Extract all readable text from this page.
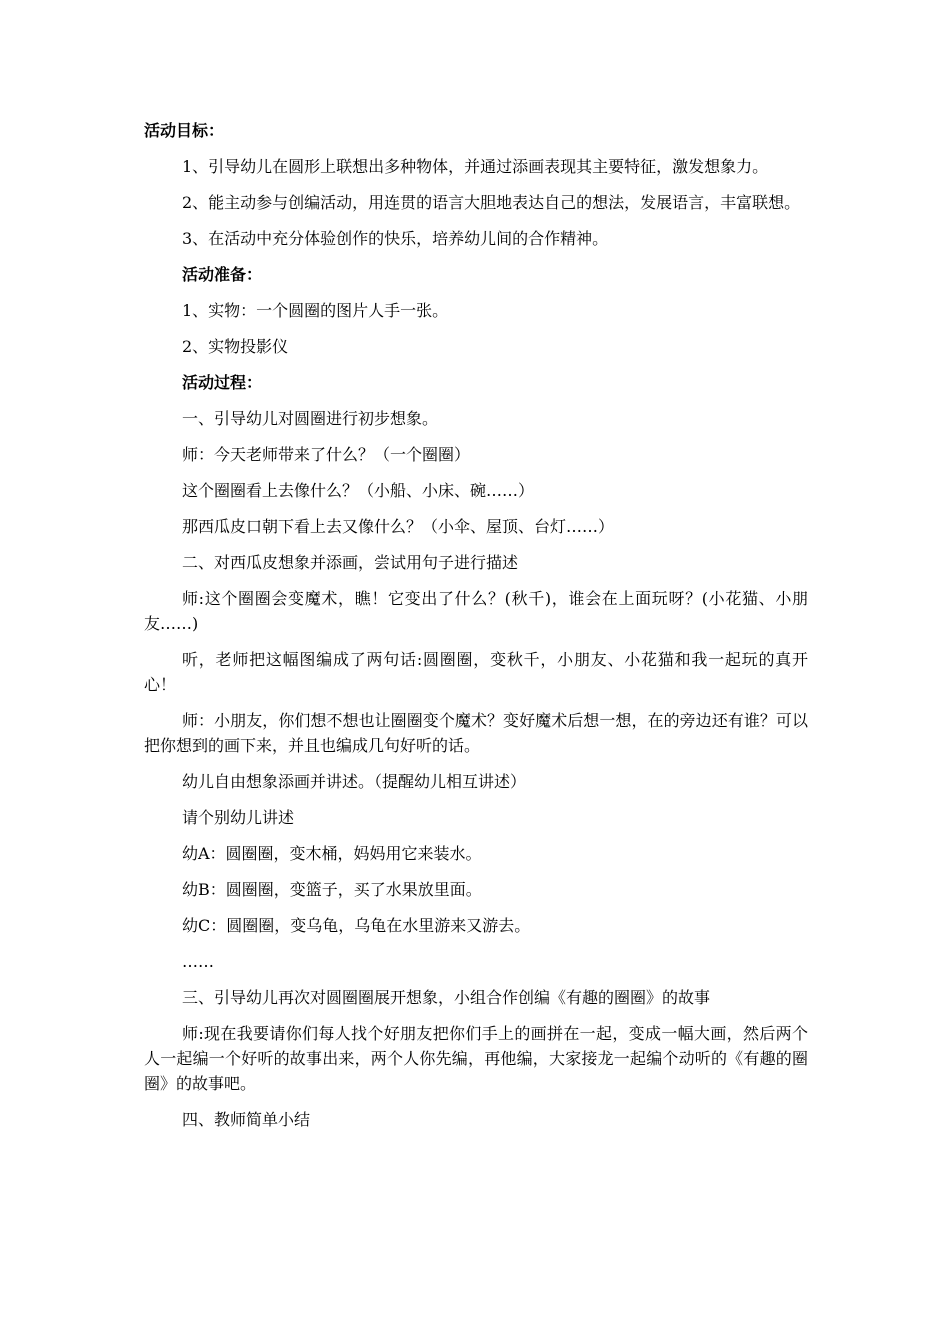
活动目标：

1、引导幼儿在圆形上联想出多种物体，并通过添画表现其主要特征，激发想象力。

2、能主动参与创编活动，用连贯的语言大胆地表达自己的想法，发展语言，丰富联想。

3、在活动中充分体验创作的快乐，培养幼儿间的合作精神。

活动准备：

1、实物：一个圆圈的图片人手一张。

2、实物投影仪

活动过程：

一、引导幼儿对圆圈进行初步想象。

师：今天老师带来了什么？（一个圈圈）

这个圈圈看上去像什么？（小船、小床、碗……）

那西瓜皮口朝下看上去又像什么？（小伞、屋顶、台灯……）

二、对西瓜皮想象并添画，尝试用句子进行描述

师:这个圈圈会变魔术，瞧！它变出了什么？(秋千)，谁会在上面玩呀？(小花猫、小朋友……)

听，老师把这幅图编成了两句话:圆圈圈，变秋千，小朋友、小花猫和我一起玩的真开心！

师：小朋友，你们想不想也让圈圈变个魔术？变好魔术后想一想，在的旁边还有谁？可以把你想到的画下来，并且也编成几句好听的话。

幼儿自由想象添画并讲述。（提醒幼儿相互讲述）

请个别幼儿讲述

幼A：圆圈圈，变木桶，妈妈用它来装水。

幼B：圆圈圈，变篮子，买了水果放里面。

幼C：圆圈圈，变乌龟，乌龟在水里游来又游去。

……

三、引导幼儿再次对圆圈圈展开想象，小组合作创编《有趣的圈圈》的故事

师:现在我要请你们每人找个好朋友把你们手上的画拼在一起，变成一幅大画，然后两个人一起编一个好听的故事出来，两个人你先编，再他编，大家接龙一起编个动听的《有趣的圈圈》的故事吧。

四、教师简单小结
